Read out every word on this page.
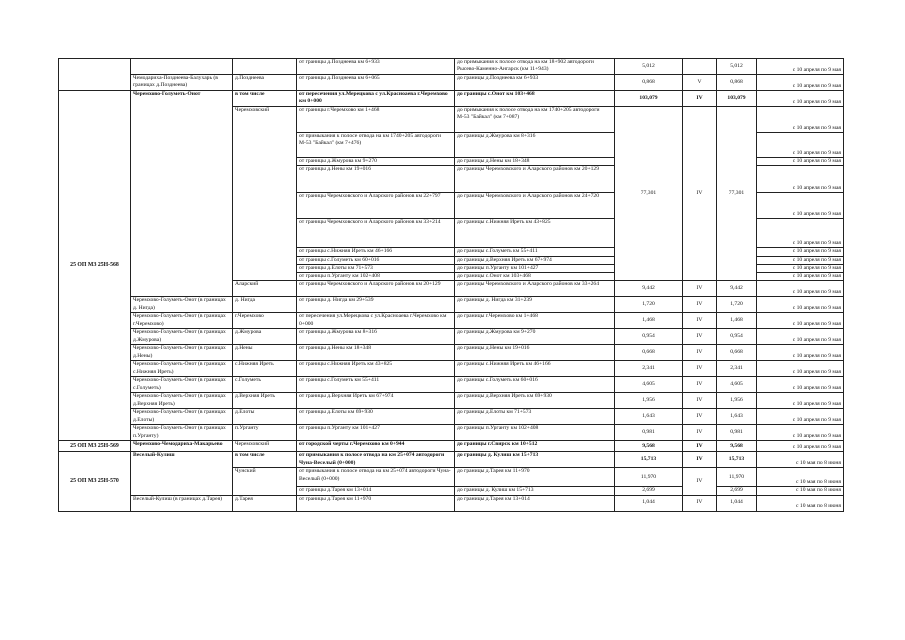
			от границы д.Позднеева км 6+933	до примыкания к полосе отвода на км 18+902 автодороги Рысево-Каменно-Ангарск (км 11+943)	5,012		5,012	с 10 апреля по 9 мая
	Чемодариха-Позднеева-Балухарь (в границах д.Позднеева)	д.Позднеева	от границы д.Позднеева км 6+065	до границы д.Позднеева км 6+933	0,868	V	0,868	с 10 апреля по 9 мая
25 ОП МЗ 25Н-568	Черемхово-Голуметь-Онот	в том числе	от пересечения ул.Мерецкова с ул.Красноаева г.Черемхово км 0+000	до границы с.Онот км 103+468	103,079	IV	103,079	с 10 апреля по 9 мая
		Черемховский	от границы г.Черемхово км 1+468	до примыкания к полосе отвода на км 1740+205 автодороги М-53 "Байкал" (км 7+087)	77,301	IV	77,301	с 10 апреля по 9 мая
			от примыкания к полосе отвода на км 1740+205 автодороги М-53 "Байкал" (км 7+476)	до границы д.Жмурова км 8+316				с 10 апреля по 9 мая
			от границы д.Жмурова км 9+270	до границы д.Нены км 18+348				с 10 апреля по 9 мая
			от границы д.Нены км 19+016	до границы Черемховского и Аларского районов км 20+129				с 10 апреля по 9 мая
			от границы Черемховского и Аларского районов км 22+797	до границы Черемховского и Аларского районов км 24+720				с 10 апреля по 9 мая
			от границы Черемховского и Аларского районов км 33+214	до границы с.Нижняя Иреть км 43+825				с 10 апреля по 9 мая
			от границы с.Нижняя Иреть км 46+166	до границы с.Голуметь км 55+411				с 10 апреля по 9 мая
			от границы с.Голуметь км 60+016	до границы д.Верхняя Иреть км 67+974				с 10 апреля по 9 мая
			от границы д.Елоты км 71+573	до границы п.Урганту км 101+427				с 10 апреля по 9 мая
			от границы п.Урганту км 102+408	до границы с.Онот км 103+468				с 10 апреля по 9 мая
		Аларский	от границы Черемховского и Аларского районов км 20+129	до границы Черемховского и Аларского районов км 33+264	9,442	IV	9,442	с 10 апреля по 9 мая
	Черемхово-Голуметь-Онот (в границах д. Нигда)	д. Нигда	от границы д. Нигда км 29+539	до границы д. Нигда км 31+239	1,720	IV	1,720	с 10 апреля по 9 мая
	Черемхово-Голуметь-Онот (в границах г.Черемхово)	г.Черемхово	от пересечения ул.Мерецкова с ул.Красноаева г.Черемхово км 0+000	до границы г.Черемхово км 1+468	1,468	IV	1,468	с 10 апреля по 9 мая
	Черемхово-Голуметь-Онот (в границах д.Жмурова)	д.Жмурова	от границы д.Жмурова км 8+316	до границы д.Жмурова км 9+270	0,954	IV	0,954	с 10 апреля по 9 мая
	Черемхово-Голуметь-Онот (в границах д.Нены)	д.Нены	от границы д.Нены км 18+348	до границы д.Нены км 19+016	0,668	IV	0,668	с 10 апреля по 9 мая
	Черемхово-Голуметь-Онот (в границах с.Нижняя Иреть)	с.Нижняя Иреть	от границы с.Нижняя Иреть км 43+825	до границы с.Нижняя Иреть км 46+166	2,341	IV	2,341	с 10 апреля по 9 мая
	Черемхово-Голуметь-Онот (в границах с.Голуметь)	с.Голуметь	от границы с.Голуметь км 55+411	до границы с.Голуметь км 60+016	4,605	IV	4,605	с 10 апреля по 9 мая
	Черемхово-Голуметь-Онот (в границах д.Верхняя Иреть)	д.Верхняя Иреть	от границы д.Верхняя Иреть км 67+974	до границы д.Верхняя Иреть км 69+930	1,956	IV	1,956	с 10 апреля по 9 мая
	Черемхово-Голуметь-Онот (в границах д.Елоты)	д.Елоты	от границы д.Елоты км 69+930	до границы д.Елоты км 71+573	1,643	IV	1,643	с 10 апреля по 9 мая
	Черемхово-Голуметь-Онот (в границах п.Урганту)	п.Урганту	от границы п.Урганту км 101+427	до границы п.Урганту км 102+408	0,981	IV	0,981	с 10 апреля по 9 мая
25 ОП МЗ 25Н-569	Черемхово-Чемодариха-Макарьево	Черемховский	от городской черты г.Черемхово км 0+944	до границы г.Свирск км 10+512	9,568	IV	9,568	с 10 апреля по 9 мая
25 ОП МЗ 25Н-570	Веселый-Кулиш	в том числе	от примыкания к полосе отвода на км 25+074 автодороги Чуна-Веселый (0+000)	до границы д. Кулиш км 15+713	15,713	IV	15,713	с 10 мая по 8 июня
		Чунский	от примыкания к полосе отвода на км 25+074 автодороги Чуна-Веселый (0+000)	до границы д.Тарея км 11+970	11,970	IV	11,970	с 10 мая по 8 июня
			от границы д.Тарея км 13+014	до границы д. Кулиш км 15+713	2,699		2,699	с 10 мая по 8 июня
	Веселый-Кулиш (в границах д.Тарея)	д.Тарея	от границы д.Тарея км 11+970	до границы д.Тарея км 13+014	1,044	IV	1,044	с 10 мая по 8 июня
